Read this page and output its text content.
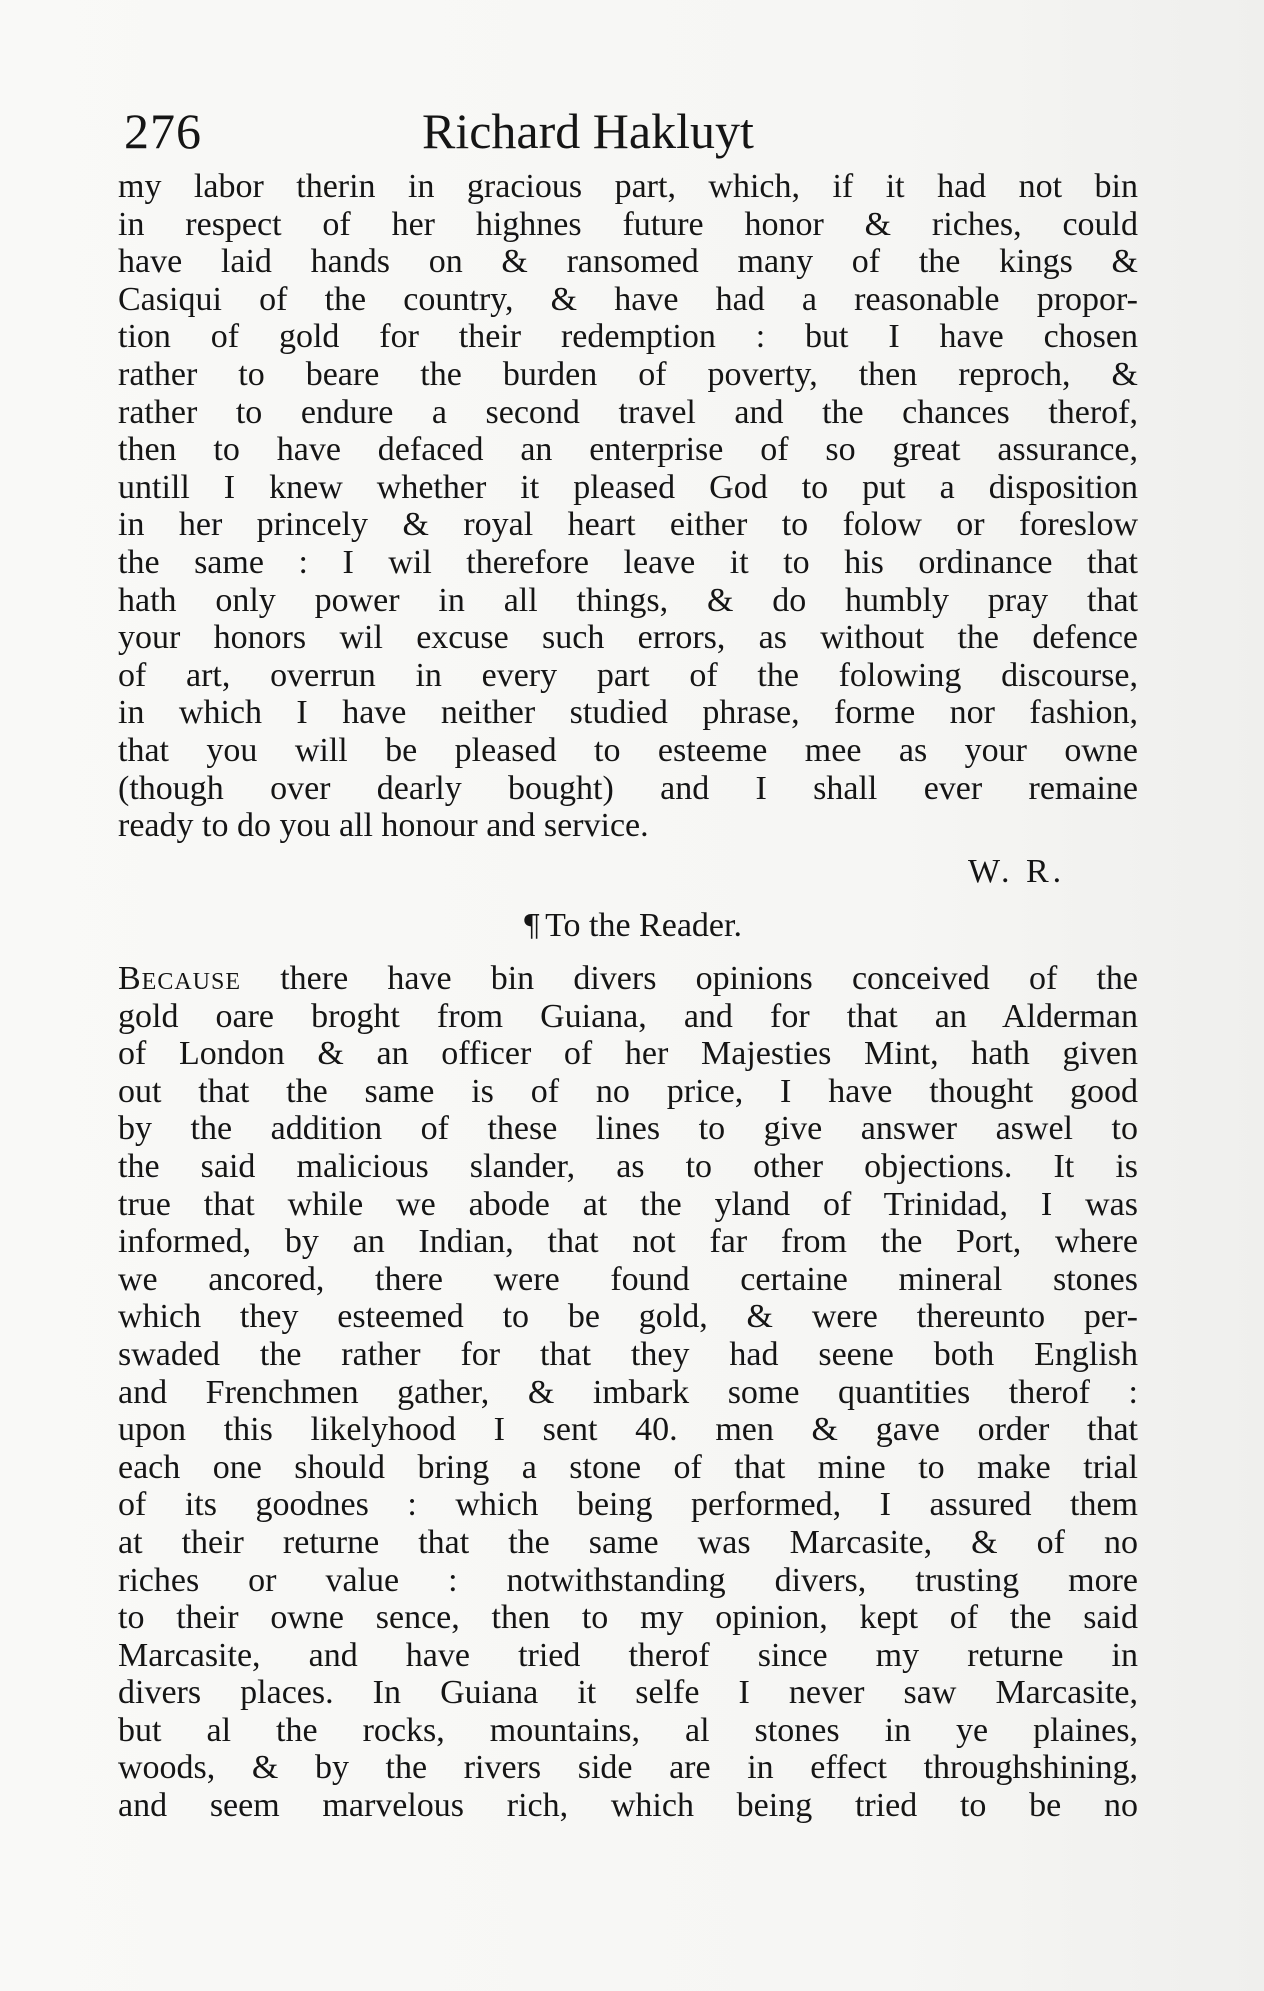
276	Richard Hakluyt
my labor therin in gracious part, which, if it had not bin
in respect of her highnes future honor & riches, could
have laid hands on & ransomed many of the kings &
Casiqui of the country, & have had a reasonable propor-
tion of gold for their redemption : but I have chosen
rather to beare the burden of poverty, then reproch, &
rather to endure a second travel and the chances therof,
then to have defaced an enterprise of so great assurance,
untill I knew whether it pleased God to put a disposition
in her princely & royal heart either to folow or foreslow
the same : I wil therefore leave it to his ordinance that
hath only power in all things, & do humbly pray that
your honors wil excuse such errors, as without the defence
of art, overrun in every part of the folowing discourse,
in which I have neither studied phrase, forme nor fashion,
that you will be pleased to esteeme mee as your owne
(though over dearly bought) and I shall ever remaine
ready to do you all honour and service.
W. R.
¶ To the Reader.
Because there have bin divers opinions conceived of the
gold oare broght from Guiana, and for that an Alderman
of London & an officer of her Majesties Mint, hath given
out that the same is of no price, I have thought good
by the addition of these lines to give answer aswel to
the said malicious slander, as to other objections. It is
true that while we abode at the yland of Trinidad, I was
informed, by an Indian, that not far from the Port, where
we ancored, there were found certaine mineral stones
which they esteemed to be gold, & were thereunto per-
swaded the rather for that they had seene both English
and Frenchmen gather, & imbark some quantities therof :
upon this likelyhood I sent 40. men & gave order that
each one should bring a stone of that mine to make trial
of its goodnes : which being performed, I assured them
at their returne that the same was Marcasite, & of no
riches or value : notwithstanding divers, trusting more
to their owne sence, then to my opinion, kept of the said
Marcasite, and have tried therof since my returne in
divers places. In Guiana it selfe I never saw Marcasite,
but al the rocks, mountains, al stones in ye plaines,
woods, & by the rivers side are in effect throughshining,
and seem marvelous rich, which being tried to be no
